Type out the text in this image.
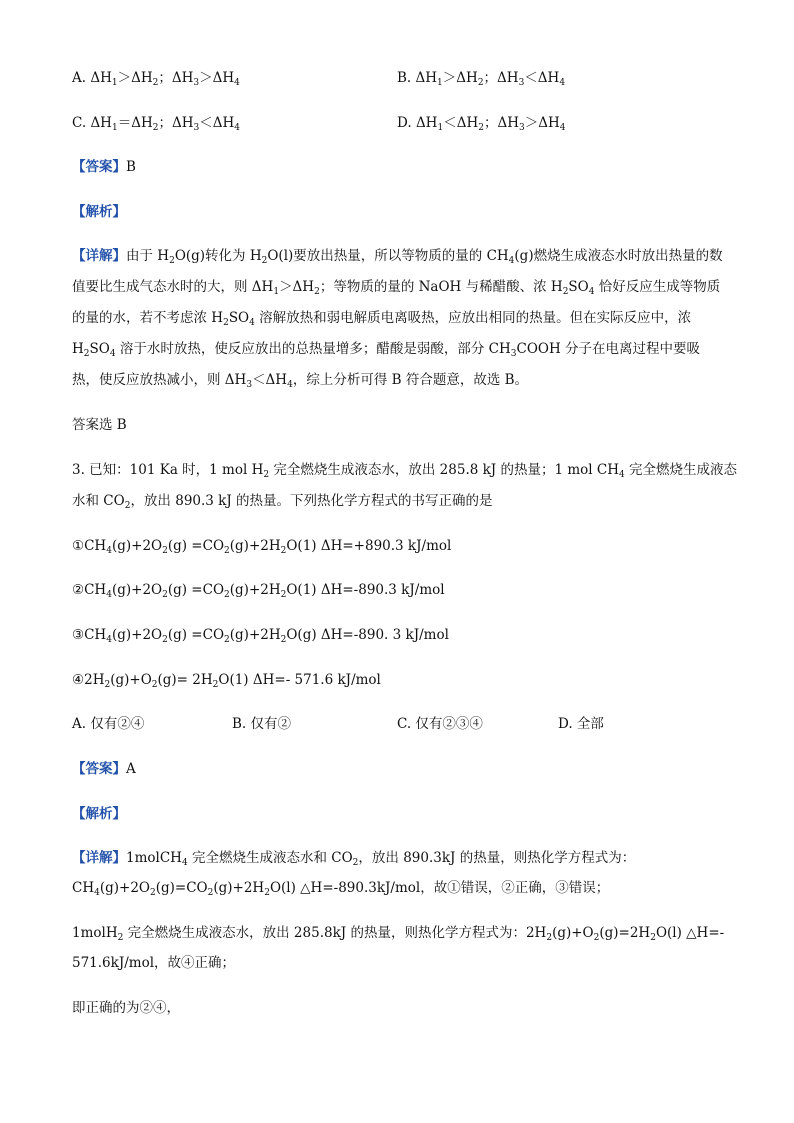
A. $\Delta H_1>\Delta H_2$；$\Delta H_3>\Delta H_4$	B. $\Delta H_1>\Delta H_2$；$\Delta H_3<\Delta H_4$
C. $\Delta H_1=\Delta H_2$；$\Delta H_3<\Delta H_4$	D. $\Delta H_1<\Delta H_2$；$\Delta H_3>\Delta H_4$
【答案】B
【解析】
【详解】由于 $H_2O(g)$转化为 $H_2O(l)$要放出热量，所以等物质的量的 $CH_4(g)$燃烧生成液态水时放出热量的数
值要比生成气态水时的大，则 $\Delta H_1>\Delta H_2$；等物质的量的 NaOH 与稀醋酸、浓 $H_2SO_4$ 恰好反应生成等物质
的量的水，若不考虑浓 $H_2SO_4$ 溶解放热和弱电解质电离吸热，应放出相同的热量。但在实际反应中，浓
$H_2SO_4$ 溶于水时放热，使反应放出的总热量增多；醋酸是弱酸，部分 $CH_3COOH$ 分子在电离过程中要吸
热，使反应放热减小，则 $\Delta H_3<\Delta H_4$，综上分析可得 B 符合题意，故选 B。
答案选 B
3. 已知：101 Ka 时，1 mol $H_2$ 完全燃烧生成液态水，放出 285.8 kJ 的热量；1 mol $CH_4$ 完全燃烧生成液态
水和 $CO_2$，放出 890.3 kJ 的热量。下列热化学方程式的书写正确的是
$①CH_4(g)+2O_2(g) =CO_2(g)+2H_2O(1)$ ΔH=+890.3 kJ/mol
$②CH_4(g)+2O_2(g) =CO_2(g)+2H_2O(1)$ ΔH=-890.3 kJ/mol
$③CH_4(g)+2O_2(g) =CO_2(g)+2H_2O(g)$ ΔH=-890. 3 kJ/mol
$④2H_2(g)+O_2(g)= 2H_2O(1)$ ΔH=- 571.6 kJ/mol
A. 仅有②④	B. 仅有②	C. 仅有②③④	D. 全部
【答案】A
【解析】
【详解】1molCH$_4$ 完全燃烧生成液态水和 $CO_2$，放出 890.3kJ 的热量，则热化学方程式为：
$CH_4(g)+2O_2(g)=CO_2(g)+2H_2O(l)$ △H=-890.3kJ/mol，故①错误，②正确，③错误；
1molH$_2$ 完全燃烧生成液态水，放出 285.8kJ 的热量，则热化学方程式为：$2H_2(g)+O_2(g)=2H_2O(l)$ △H=-
571.6kJ/mol，故④正确；
即正确的为②④，
